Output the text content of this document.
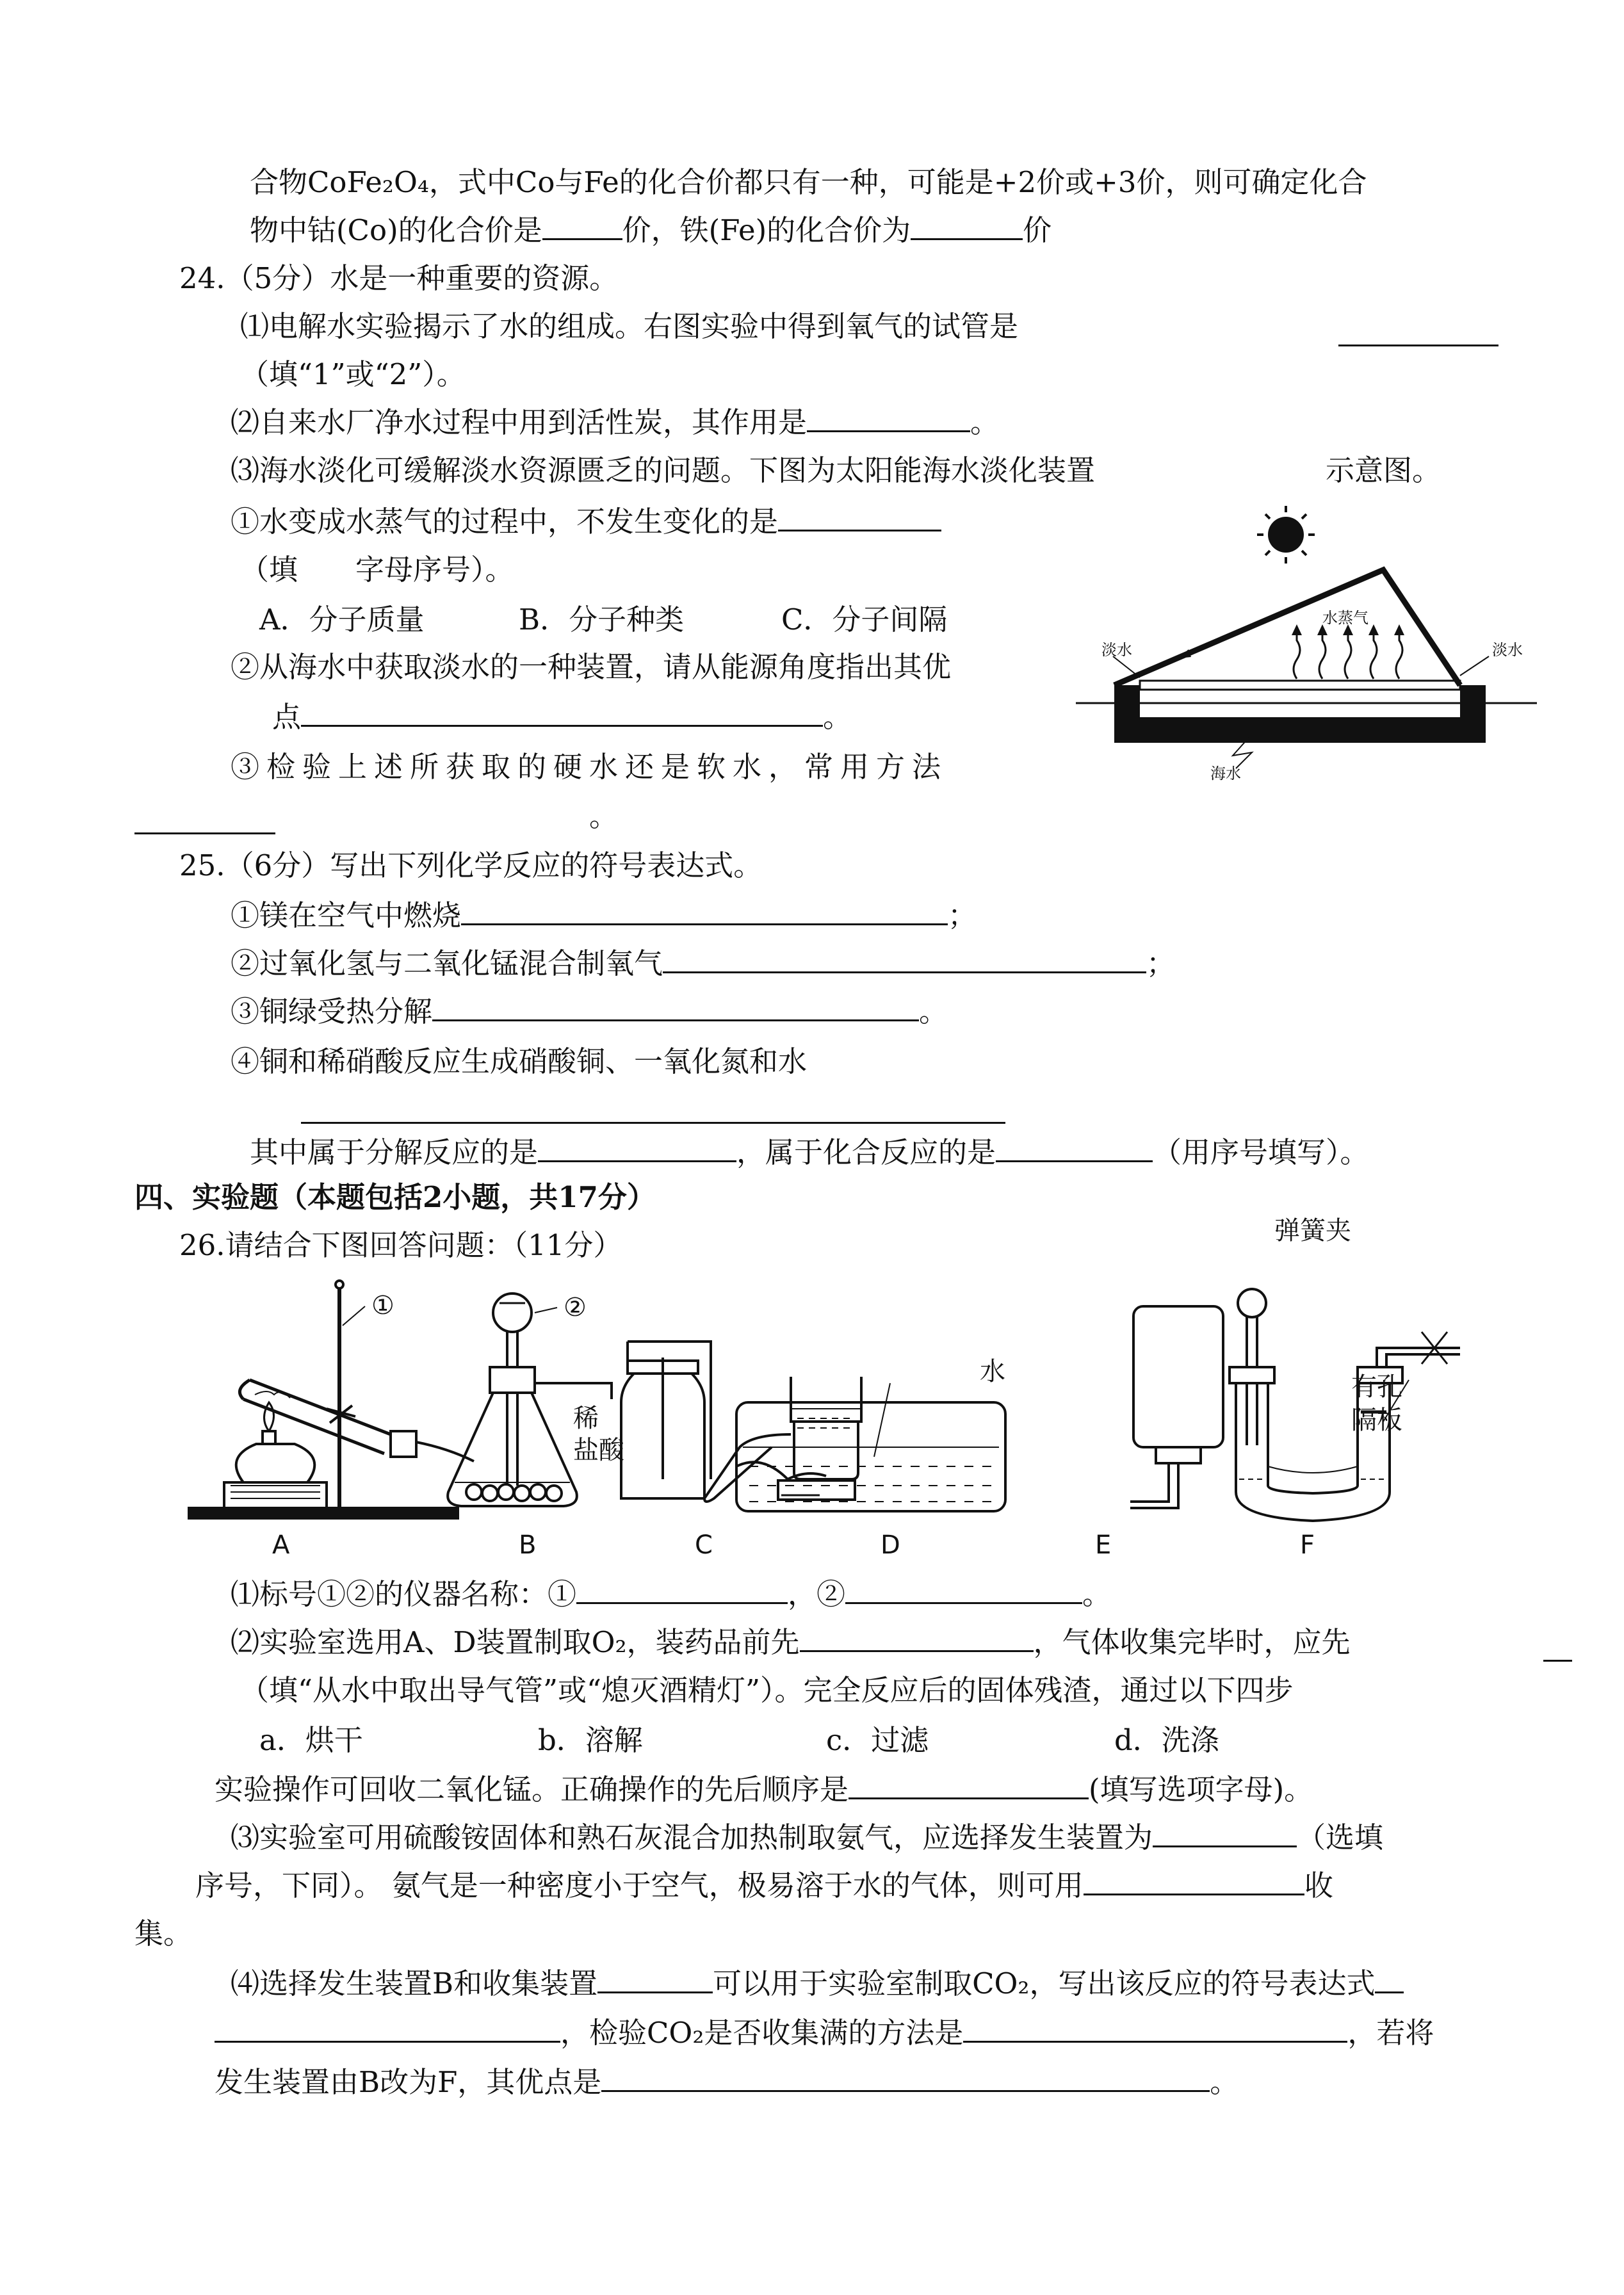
合物CoFe₂O₄，式中Co与Fe的化合价都只有一种，可能是+2价或+3价，则可确定化合
物中钴(Co)的化合价是	价，铁(Fe)的化合价为	价
24.（5分）水是一种重要的资源。
⑴电解水实验揭示了水的组成。右图实验中得到氧气的试管是
（填“1”或“2”）。
⑵自来水厂净水过程中用到活性炭，其作用是	。
⑶海水淡化可缓解淡水资源匮乏的问题。下图为太阳能海水淡化装置	示意图。
①水变成水蒸气的过程中，不发生变化的是
（填　　字母序号）。
A．分子质量	B．分子种类	C．分子间隔
②从海水中获取淡水的一种装置，请从能源角度指出其优
点	。
③检验上述所获取的硬水还是软水，常用方法
。
淡水	淡水
水蒸气
海水
25.（6分）写出下列化学反应的符号表达式。
①镁在空气中燃烧	；
②过氧化氢与二氧化锰混合制氧气	；
③铜绿受热分解	。
④铜和稀硝酸反应生成硝酸铜、一氧化氮和水
其中属于分解反应的是	，属于化合反应的是	（用序号填写）。
四、实验题（本题包括2小题，共17分）
26.请结合下图回答问题：（11分）	弹簧夹
①	②
稀
盐酸
水
有孔
隔板
A	B	C	D	E	F
⑴标号①②的仪器名称：①	，②	。
⑵实验室选用A、D装置制取O₂，装药品前先	，气体收集完毕时，应先
（填“从水中取出导气管”或“熄灭酒精灯”）。完全反应后的固体残渣，通过以下四步
a．烘干	b．溶解	c．过滤	d．洗涤
实验操作可回收二氧化锰。正确操作的先后顺序是	(填写选项字母)。
⑶实验室可用硫酸铵固体和熟石灰混合加热制取氨气，应选择发生装置为	（选填
序号，下同）。 氨气是一种密度小于空气，极易溶于水的气体，则可用	收
集。
⑷选择发生装置B和收集装置	可以用于实验室制取CO₂，写出该反应的符号表达式
，检验CO₂是否收集满的方法是	，若将
发生装置由B改为F，其优点是	。
